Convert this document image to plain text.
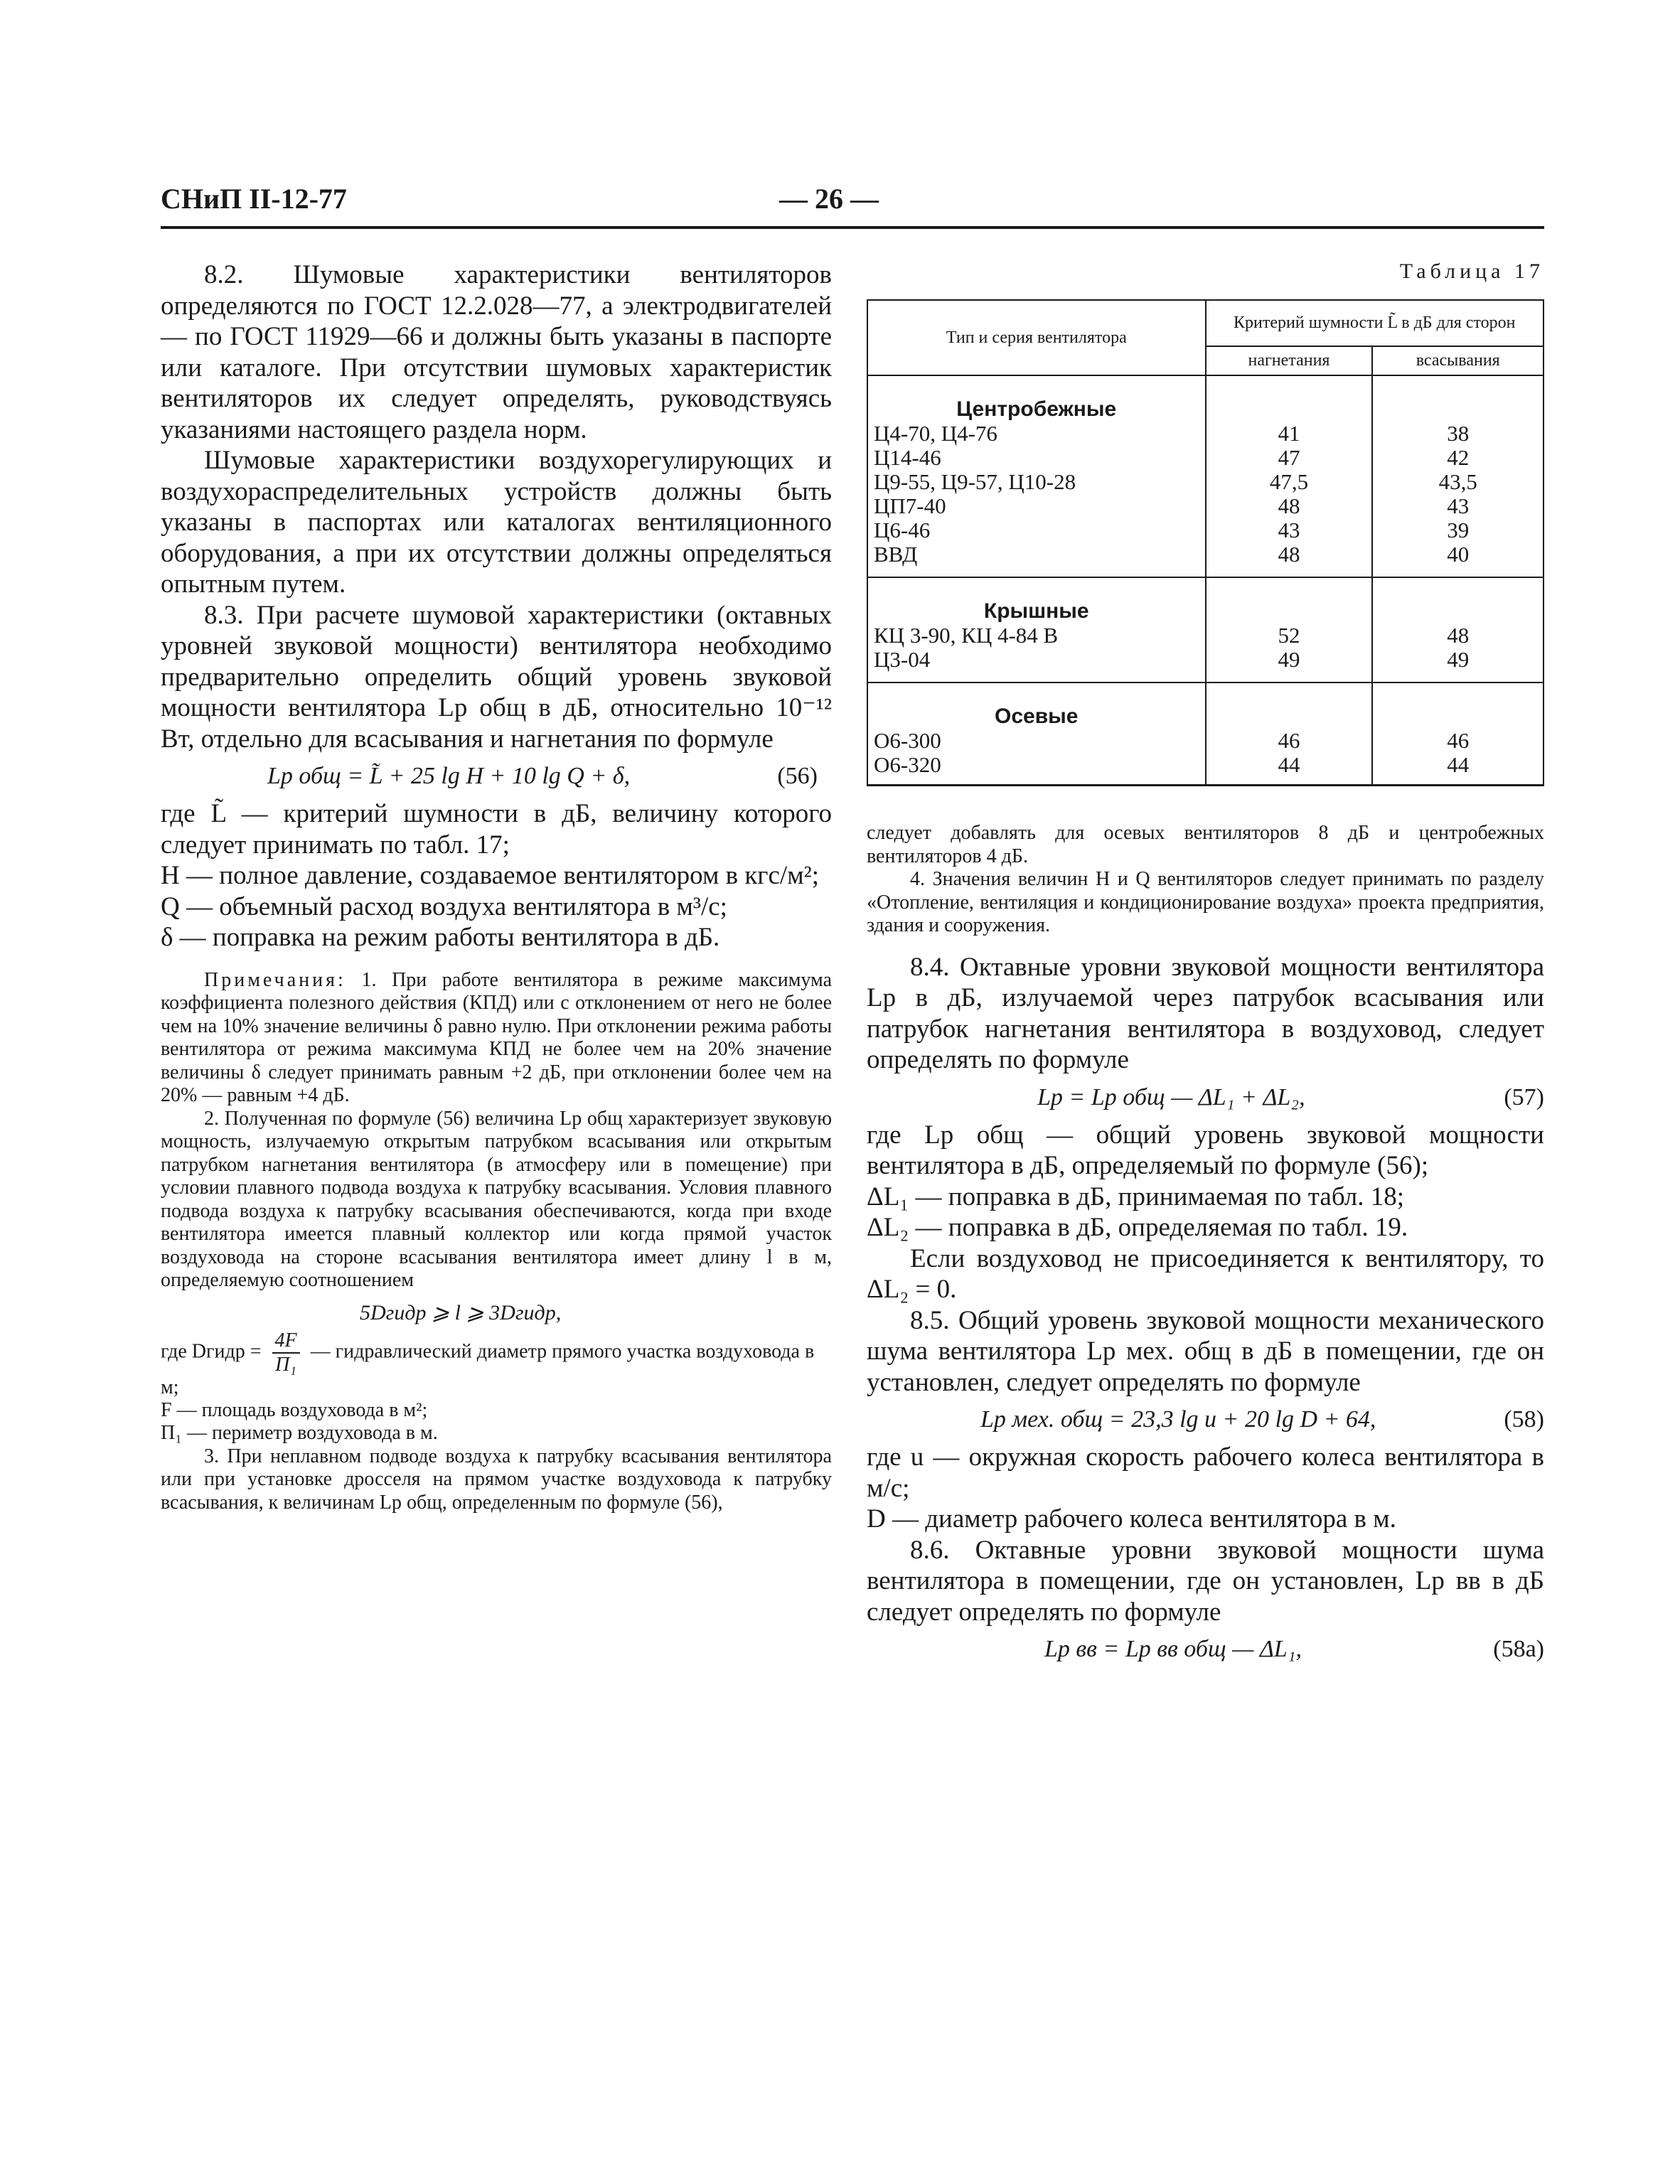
СНиП II-12-77	— 26 —

8.2. Шумовые характеристики вентиляторов определяются по ГОСТ 12.2.028—77, а электродвигателей — по ГОСТ 11929—66 и должны быть указаны в паспорте или каталоге. При отсутствии шумовых характеристик вентиляторов их следует определять, руководствуясь указаниями настоящего раздела норм.

Шумовые характеристики воздухорегулирующих и воздухораспределительных устройств должны быть указаны в паспортах или каталогах вентиляционного оборудования, а при их отсутствии должны определяться опытным путем.

8.3. При расчете шумовой характеристики (октавных уровней звуковой мощности) вентилятора необходимо предварительно определить общий уровень звуковой мощности вентилятора Lр общ в дБ, относительно 10⁻¹² Вт, отдельно для всасывания и нагнетания по формуле

Lр общ = L̃ + 25 lg H + 10 lg Q + δ,	(56)

где L̃ — критерий шумности в дБ, величину которого следует принимать по табл. 17;

H — полное давление, создаваемое вентилятором в кгс/м²;

Q — объемный расход воздуха вентилятора в м³/с;

δ — поправка на режим работы вентилятора в дБ.

Примечания: 1. При работе вентилятора в режиме максимума коэффициента полезного действия (КПД) или с отклонением от него не более чем на 10% значение величины δ равно нулю. При отклонении режима работы вентилятора от режима максимума КПД не более чем на 20% значение величины δ следует принимать равным +2 дБ, при отклонении более чем на 20% — равным +4 дБ.

2. Полученная по формуле (56) величина Lр общ характеризует звуковую мощность, излучаемую открытым патрубком всасывания или открытым патрубком нагнетания вентилятора (в атмосферу или в помещение) при условии плавного подвода воздуха к патрубку всасывания. Условия плавного подвода воздуха к патрубку всасывания обеспечиваются, когда при входе вентилятора имеется плавный коллектор или когда прямой участок воздуховода на стороне всасывания вентилятора имеет длину l в м, определяемую соотношением

5Dгидр ⩾ l ⩾ 3Dгидр,
где Dгидр = 4F
П₁
— гидравлический диаметр прямого участка воздуховода в м;

F — площадь воздуховода в м²;

П₁ — периметр воздуховода в м.

3. При неплавном подводе воздуха к патрубку всасывания вентилятора или при установке дросселя на прямом участке воздуховода к патрубку всасывания, к величинам Lр общ, определенным по формуле (56),

Таблица 17

Тип и серия вентилятора	Критерий шумности L̃ в дБ для сторон	
	нагнетания	всасывания
Центробежные		
Ц4-70, Ц4-76	41	38
Ц14-46	47	42
Ц9-55, Ц9-57, Ц10-28	47,5	43,5
ЦП7-40	48	43
Ц6-46	43	39
ВВД	48	40
Крышные		
КЦ 3-90, КЦ 4-84 В	52	48
Ц3-04	49	49
Осевые		
О6-300	46	46
О6-320	44	44

следует добавлять для осевых вентиляторов 8 дБ и центробежных вентиляторов 4 дБ.

4. Значения величин H и Q вентиляторов следует принимать по разделу «Отопление, вентиляция и кондиционирование воздуха» проекта предприятия, здания и сооружения.

8.4. Октавные уровни звуковой мощности вентилятора Lр в дБ, излучаемой через патрубок всасывания или патрубок нагнетания вентилятора в воздуховод, следует определять по формуле

Lр = Lр общ — ΔL₁ + ΔL₂,	(57)

где Lр общ — общий уровень звуковой мощности вентилятора в дБ, определяемый по формуле (56);

ΔL₁ — поправка в дБ, принимаемая по табл. 18;

ΔL₂ — поправка в дБ, определяемая по табл. 19.

Если воздуховод не присоединяется к вентилятору, то ΔL₂ = 0.

8.5. Общий уровень звуковой мощности механического шума вентилятора Lр мех. общ в дБ в помещении, где он установлен, следует определять по формуле

Lр мех. общ = 23,3 lg u + 20 lg D + 64,	(58)

где u — окружная скорость рабочего колеса вентилятора в м/с;

D — диаметр рабочего колеса вентилятора в м.

8.6. Октавные уровни звуковой мощности шума вентилятора в помещении, где он установлен, Lр вв в дБ следует определять по формуле

Lр вв = Lр вв общ — ΔL₁,	(58а)
